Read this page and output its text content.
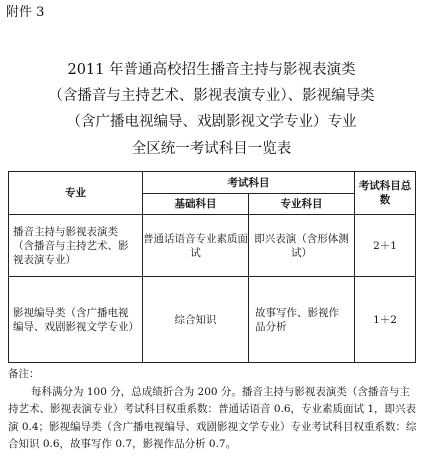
附件 3
2011 年普通高校招生播音主持与影视表演类
（含播音与主持艺术、影视表演专业）、影视编导类
（含广播电视编导、戏剧影视文学专业）专业
全区统一考试科目一览表
专业	考试科目		考试科目总数
	基础科目	专业科目	
播音主持与影视表演类（含播音与主持艺术、影视表演专业）	普通话语音专业素质面试	即兴表演（含形体测试）	2＋1
影视编导类（含广播电视编导、戏剧影视文学专业）	综合知识	故事写作、影视作品分析	1＋2
备注：
每科满分为 100 分，总成绩折合为 200 分。播音主持与影视表演类（含播音与主持艺术、影视表演专业）考试科目权重系数：普通话语音 0.6，专业素质面试 1，即兴表演 0.4；影视编导类（含广播电视编导、戏剧影视文学专业）专业考试科目权重系数：综合知识 0.6，故事写作 0.7，影视作品分析 0.7。
